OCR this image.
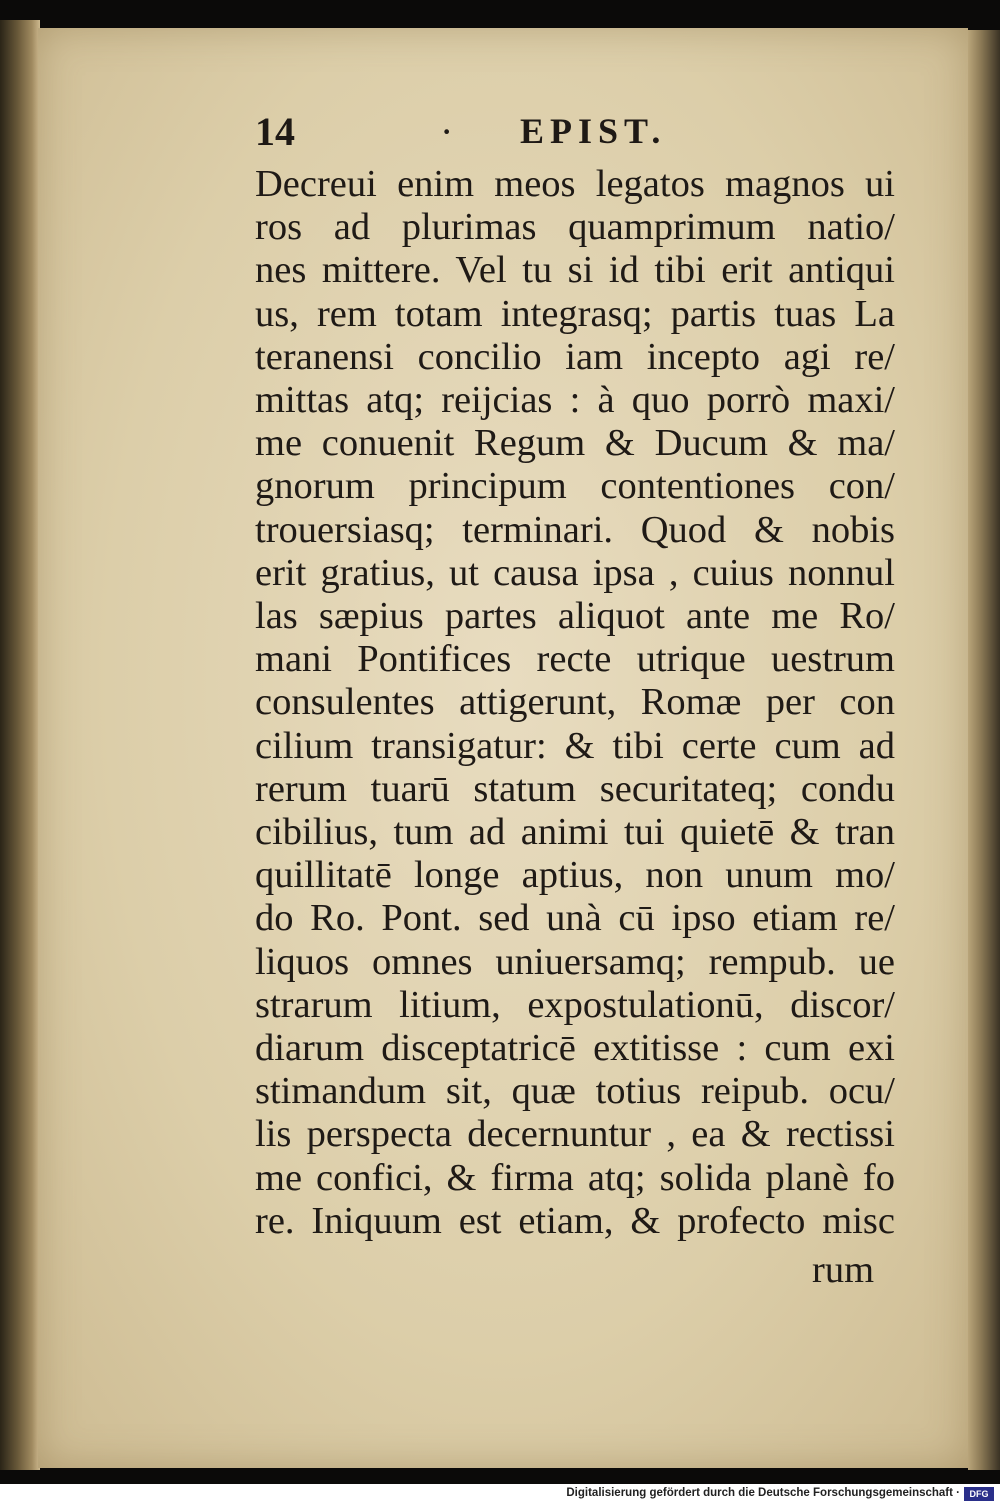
14	· EPIST.
Decreui enim meos legatos magnos ui
ros ad plurimas quamprimum natio/
nes mittere. Vel tu si id tibi erit antiqui
us, rem totam integrasq; partis tuas La
teranensi concilio iam incepto agi re/
mittas atq; reijcias : à quo porrò maxi/
me conuenit Regum & Ducum & ma/
gnorum principum contentiones con/
trouersiasq; terminari. Quod & nobis
erit gratius, ut causa ipsa , cuius nonnul
las sæpius partes aliquot ante me Ro/
mani Pontifices recte utrique uestrum
consulentes attigerunt, Romæ per con
cilium transigatur: & tibi certe cum ad
rerum tuarū statum securitateq; condu
cibilius, tum ad animi tui quietē & tran
quillitatē longe aptius, non unum mo/
do Ro. Pont. sed unà cū ipso etiam re/
liquos omnes uniuersamq; rempub. ue
strarum litium, expostulationū, discor/
diarum disceptatricē extitisse : cum exi
stimandum sit, quæ totius reipub. ocu/
lis perspecta decernuntur , ea & rectissi
me confici, & firma atq; solida planè fo
re. Iniquum est etiam, & profecto misc
rum
Digitalisierung gefördert durch die Deutsche Forschungsgemeinschaft ·	DFG
